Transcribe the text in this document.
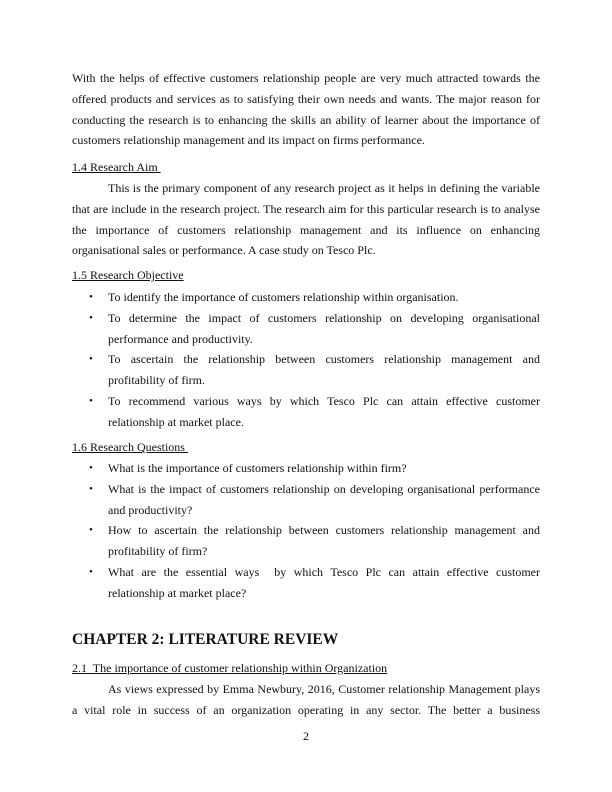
With the helps of effective customers relationship people are very much attracted towards the
offered products and services as to satisfying their own needs and wants. The major reason for
conducting the research is to enhancing the skills an ability of learner about the importance of
customers relationship management and its impact on firms performance.
1.4 Research Aim
This is the primary component of any research project as it helps in defining the variable
that are include in the research project. The research aim for this particular research is to analyse
the importance of customers relationship management and its influence on enhancing
organisational sales or performance. A case study on Tesco Plc.
1.5 Research Objective
• To identify the importance of customers relationship within organisation.
• To determine the impact of customers relationship on developing organisational
performance and productivity.
• To ascertain the relationship between customers relationship management and
profitability of firm.
• To recommend various ways by which Tesco Plc can attain effective customer
relationship at market place.
1.6 Research Questions
• What is the importance of customers relationship within firm?
• What is the impact of customers relationship on developing organisational performance
and productivity?
• How to ascertain the relationship between customers relationship management and
profitability of firm?
• What are the essential ways  by which Tesco Plc can attain effective customer
relationship at market place?
CHAPTER 2: LITERATURE REVIEW
2.1  The importance of customer relationship within Organization
As views expressed by Emma Newbury, 2016, Customer relationship Management plays
a vital role in success of an organization operating in any sector. The better a business
2
